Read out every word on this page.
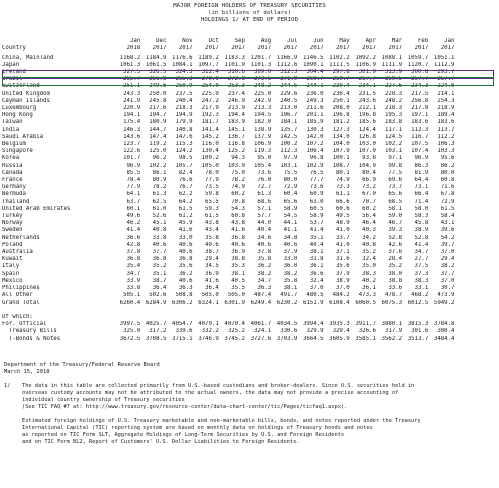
MAJOR FOREIGN HOLDERS OF TREASURY SECURITIES
(in billions of dollars)
HOLDINGS 1/ AT END OF PERIOD
	Jan	Dec	Nov	Oct	Sep	Aug	Jul	Jun	May	Apr	Mar	Feb	Jan
Country	2018	2017	2017	2017	2017	2017	2017	2017	2017	2017	2017	2017	2017

China, Mainland	1168.2	1184.9	1176.6	1189.2	1183.3	1201.7	1166.9	1146.5	1102.2	1092.2	1088.1	1059.7	1051.1
Japan	1061.3	1061.5	1084.1	1097.7	1101.9	1101.3	1112.6	1090.1	1111.5	1106.9	1111.9	1120.7	1112.9
Ireland	327.5	326.5	324.3	312.4	310.6	309.0	312.3	304.4	297.8	301.9	313.9	300.8	293.7
Brazil	265.7	256.8	265.3	270.0	272.8	273.6	271.9	269.7	269.7	267.7	259.5	257.7	257.7
Switzerland	251.1	249.6	250.9	254.0	253.3	248.2	244.5	244.1	239.4	234.1	227.6	234.3	224.0
United Kingdom	243.3	250.0	237.5	225.9	237.4	225.0	229.6	236.0	236.4	231.5	228.3	217.5	214.1
Cayman Islands	241.9	245.8	240.4	247.2	246.9	242.9	240.5	249.3	250.1	243.6	248.2	256.8	254.3
Luxembourg	220.9	217.6	218.3	217.9	213.9	213.3	213.0	211.6	208.0	212.1	218.3	217.8	218.9
Hong Kong	194.1	194.7	194.9	192.3	194.4	194.5	196.7	201.1	196.8	196.8	195.3	197.1	189.4
Taiwan	175.4	180.9	179.9	181.7	183.9	182.0	184.1	185.9	181.2	185.6	183.8	183.6	183.6
India	146.3	144.7	140.8	141.4	145.1	138.9	135.7	130.3	127.3	124.4	117.1	112.3	113.7
Saudi Arabia	143.6	147.4	147.6	145.2	136.7	137.9	142.5	142.0	134.0	126.8	124.5	116.7	112.2
Belgium	123.7	119.2	115.3	116.0	116.8	106.9	100.2	107.2	104.0	103.0	102.2	107.5	106.3
Singapore	122.6	125.0	124.2	130.4	125.2	119.3	112.3	106.4	107.9	107.0	103.1	107.4	103.3
Korea	101.7	96.2	98.5	100.2	94.3	95.0	97.9	96.8	100.1	93.8	97.1	96.9	95.6
Russia	96.9	102.2	105.7	105.0	103.9	105.4	103.1	102.9	108.7	104.9	99.8	86.3	86.2
Canada	85.5	86.1	82.4	78.0	75.0	73.6	75.5	76.5	80.1	80.4	77.5	81.9	80.0
France	78.4	80.9	76.6	77.9	78.2	76.0	80.0	77.7	74.9	66.9	69.6	64.4	60.8
Germany	77.9	78.2	76.7	73.5	74.9	72.7	72.9	73.6	73.3	73.2	73.7	73.1	71.6
Bermuda	64.1	61.3	62.2	59.8	60.2	61.3	60.4	60.9	61.1	67.0	65.6	66.4	67.8
Thailand	63.7	62.5	64.2	65.5	70.8	68.6	65.6	63.0	66.6	70.7	68.5	71.4	72.9
United Arab Emirates	60.1	61.0	61.5	59.3	54.3	57.1	58.9	60.5	60.6	60.2	58.1	58.0	61.5
Turkey	49.6	52.6	61.2	61.5	60.8	57.7	54.5	58.9	49.5	56.4	59.0	58.3	58.4
Norway	46.2	45.1	45.9	43.8	43.8	44.0	44.1	53.7	48.9	46.4	46.7	45.8	43.1
Sweden	41.4	40.8	41.6	43.4	41.6	40.4	41.1	41.4	41.0	40.3	39.3	38.9	39.6
Netherlands	36.6	33.8	33.0	35.8	36.8	34.6	34.8	35.1	33.7	34.2	52.8	52.8	54.2
Poland	42.8	40.6	40.6	40.6	40.6	40.6	40.6	40.4	41.0	40.8	42.6	41.4	39.7
Australia	37.8	37.7	40.6	38.7	36.9	37.8	37.9	38.1	37.1	35.2	37.6	34.7	37.0
Kuwait	36.8	36.8	36.8	29.4	38.8	35.8	33.0	31.8	31.6	32.4	28.4	27.7	29.4
Italy	35.4	35.2	35.6	34.5	35.3	36.2	36.0	36.1	35.6	35.0	35.2	37.5	38.2
Spain	34.7	35.1	36.2	36.9	38.1	38.2	38.2	36.6	37.9	38.3	38.0	37.3	37.7
Mexico	33.9	38.7	40.6	41.6	40.5	34.7	35.8	32.4	38.9	40.2	38.8	38.3	37.0
Philippines	33.8	36.4	36.3	36.4	35.5	36.3	38.1	37.0	37.0	36.1	33.6	33.1	30.7
All Other	505.1	502.6	508.8	505.0	505.0	487.4	491.7	480.5	484.2	473.3	478.7	468.2	473.9
Grand Total	6260.4	6284.9	6306.2	6324.1	6301.9	6249.4	6230.2	6151.9	6108.4	6060.5	6075.3	6012.5	5949.2

Of which:													
For. Official	3997.5	4025.7	4054.7	4079.1	4070.4	4061.7	4034.5	3994.4	3935.3	3911.7	3880.1	3815.3	3784.8
Treasury Bills	325.0	317.2	339.6	332.2	325.2	324.1	330.6	329.9	329.4	326.6	317.9	301.6	300.4
T-Bonds & Notes	3672.5	3708.5	3715.1	3746.9	3745.2	3727.6	3703.9	3664.5	3605.9	3585.1	3562.2	3513.7	3484.4
Department of the Treasury/Federal Reserve Board
March 15, 2018
1/ The data in this table are collected primarily from U.S.-based custodians and broker-dealers. Since U.S. securities held in
overseas custody accounts may not be attributed to the actual owners, the data may not provide a precise accounting of
individual country ownership of Treasury securities
(See TIC FAQ #7 at: http://www.treasury.gov/resource-center/data-chart-center/tic/Pages/ticfaq1.aspx).
Estimated foreign holdings of U.S. Treasury marketable and non-marketable bills, bonds, and notes reported under the Treasury
International Capital (TIC) reporting system are based on monthly data on holdings of Treasury bonds and notes
as reported on TIC Form SLT, Aggregate Holdings of Long-Term Securities by U.S. and Foreign Residents
and on TIC Form BL2, Report of Customers' U.S. Dollar Liabilities to Foreign Residents.
